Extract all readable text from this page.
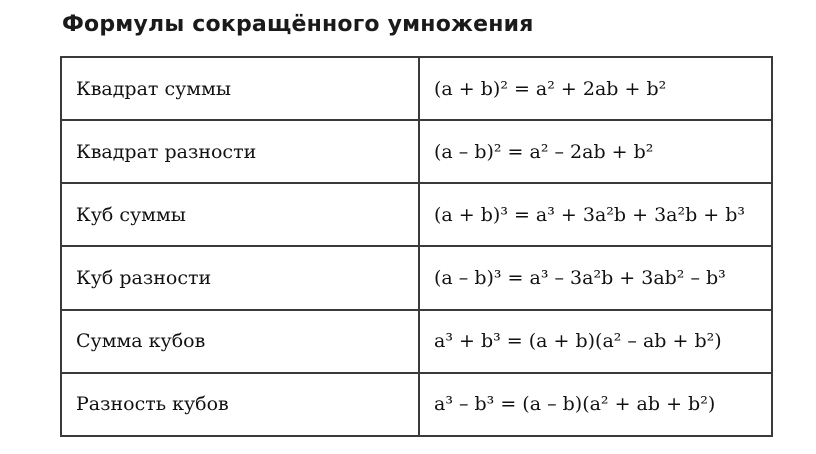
Формулы сокращённого умножения
Квадрат суммы	(a + b)² = a² + 2ab + b²
Квадрат разности	(a – b)² = a² – 2ab + b²
Куб суммы	(a + b)³ = a³ + 3a²b + 3a²b + b³
Куб разности	(a – b)³ = a³ – 3a²b + 3ab² – b³
Сумма кубов	a³ + b³ = (a + b)(a² – ab + b²)
Разность кубов	a³ – b³ = (a – b)(a² + ab + b²)
